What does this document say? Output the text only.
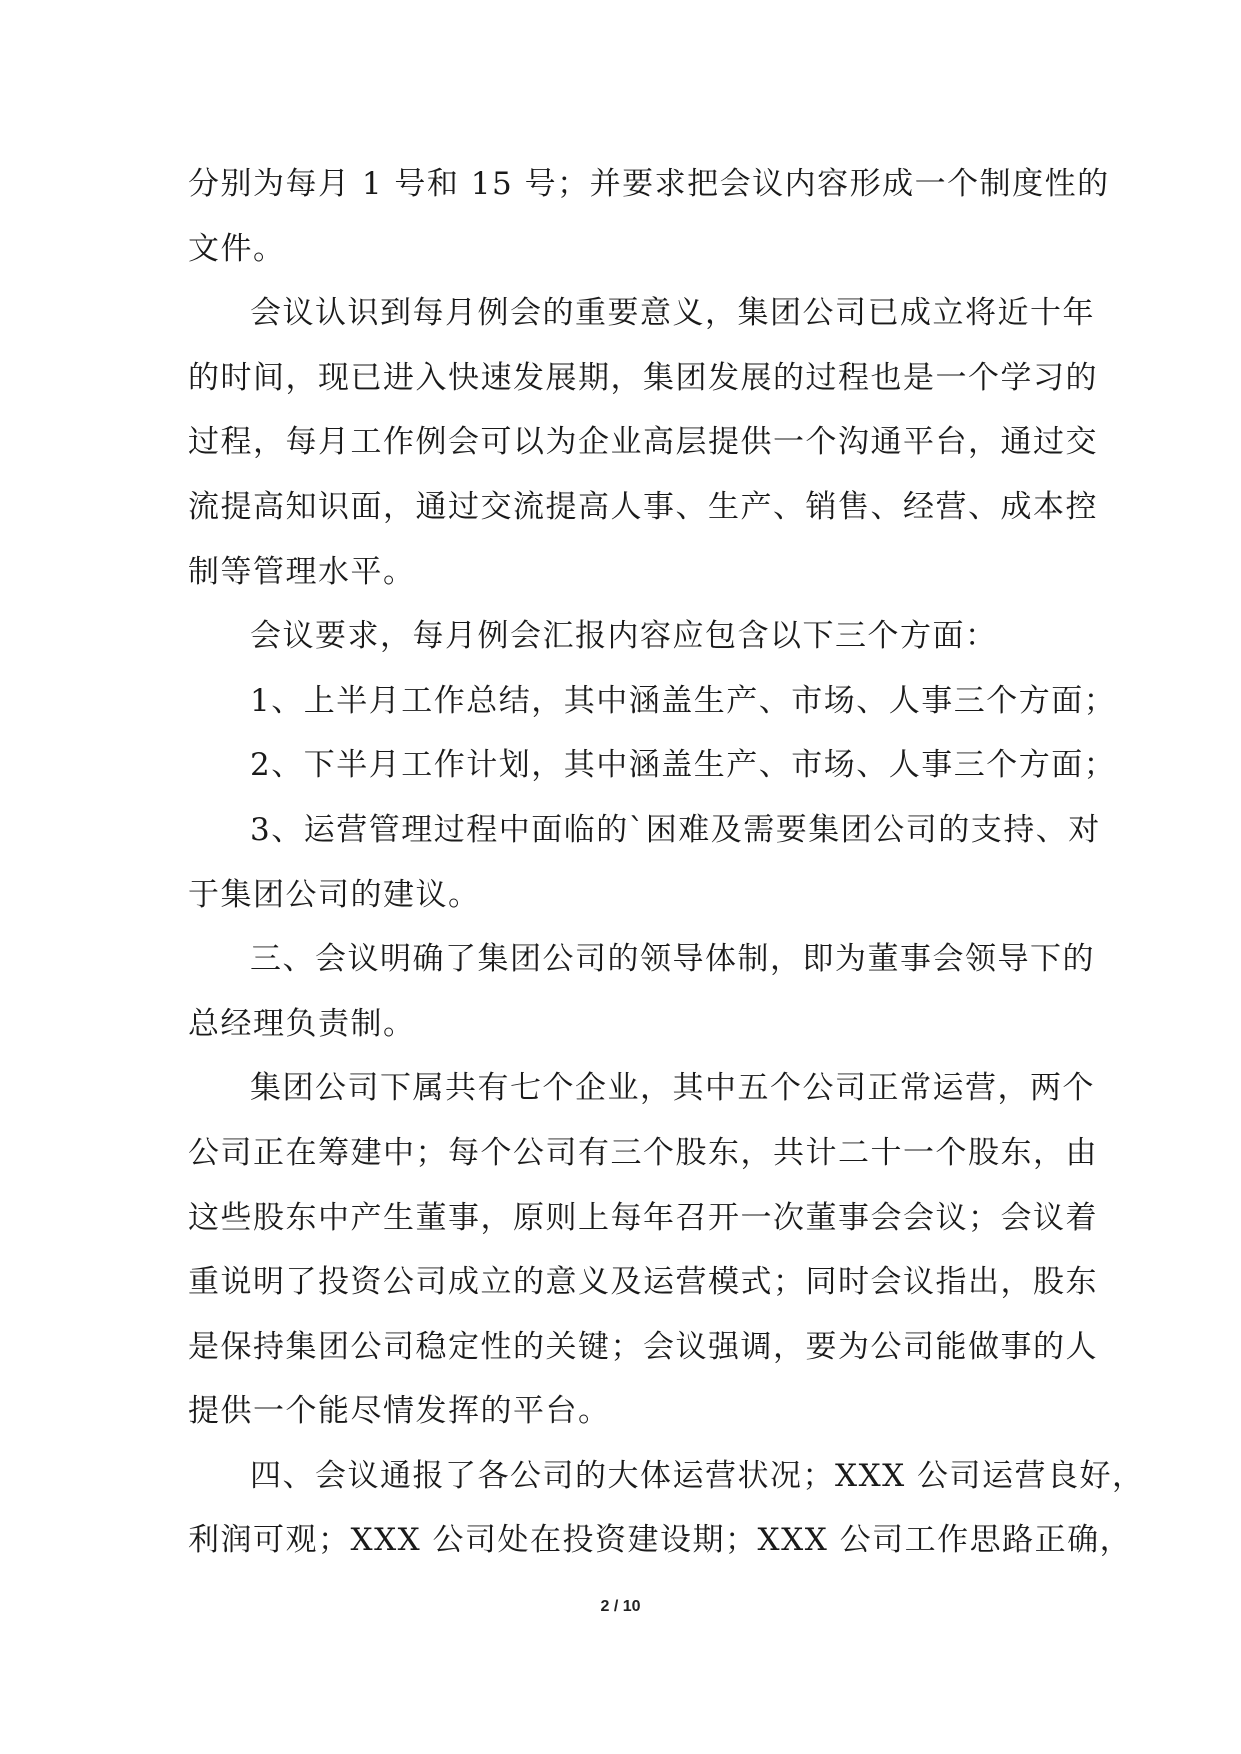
分别为每月 1 号和 15 号；并要求把会议内容形成一个制度性的
文件。
会议认识到每月例会的重要意义，集团公司已成立将近十年
的时间，现已进入快速发展期，集团发展的过程也是一个学习的
过程，每月工作例会可以为企业高层提供一个沟通平台，通过交
流提高知识面，通过交流提高人事、生产、销售、经营、成本控
制等管理水平。
会议要求，每月例会汇报内容应包含以下三个方面：
1、上半月工作总结，其中涵盖生产、市场、人事三个方面；
2、下半月工作计划，其中涵盖生产、市场、人事三个方面；
3、运营管理过程中面临的`困难及需要集团公司的支持、对
于集团公司的建议。
三、会议明确了集团公司的领导体制，即为董事会领导下的
总经理负责制。
集团公司下属共有七个企业，其中五个公司正常运营，两个
公司正在筹建中；每个公司有三个股东，共计二十一个股东，由
这些股东中产生董事，原则上每年召开一次董事会会议；会议着
重说明了投资公司成立的意义及运营模式；同时会议指出，股东
是保持集团公司稳定性的关键；会议强调，要为公司能做事的人
提供一个能尽情发挥的平台。
四、会议通报了各公司的大体运营状况；XXX 公司运营良好，
利润可观；XXX 公司处在投资建设期；XXX 公司工作思路正确，
2 / 10
